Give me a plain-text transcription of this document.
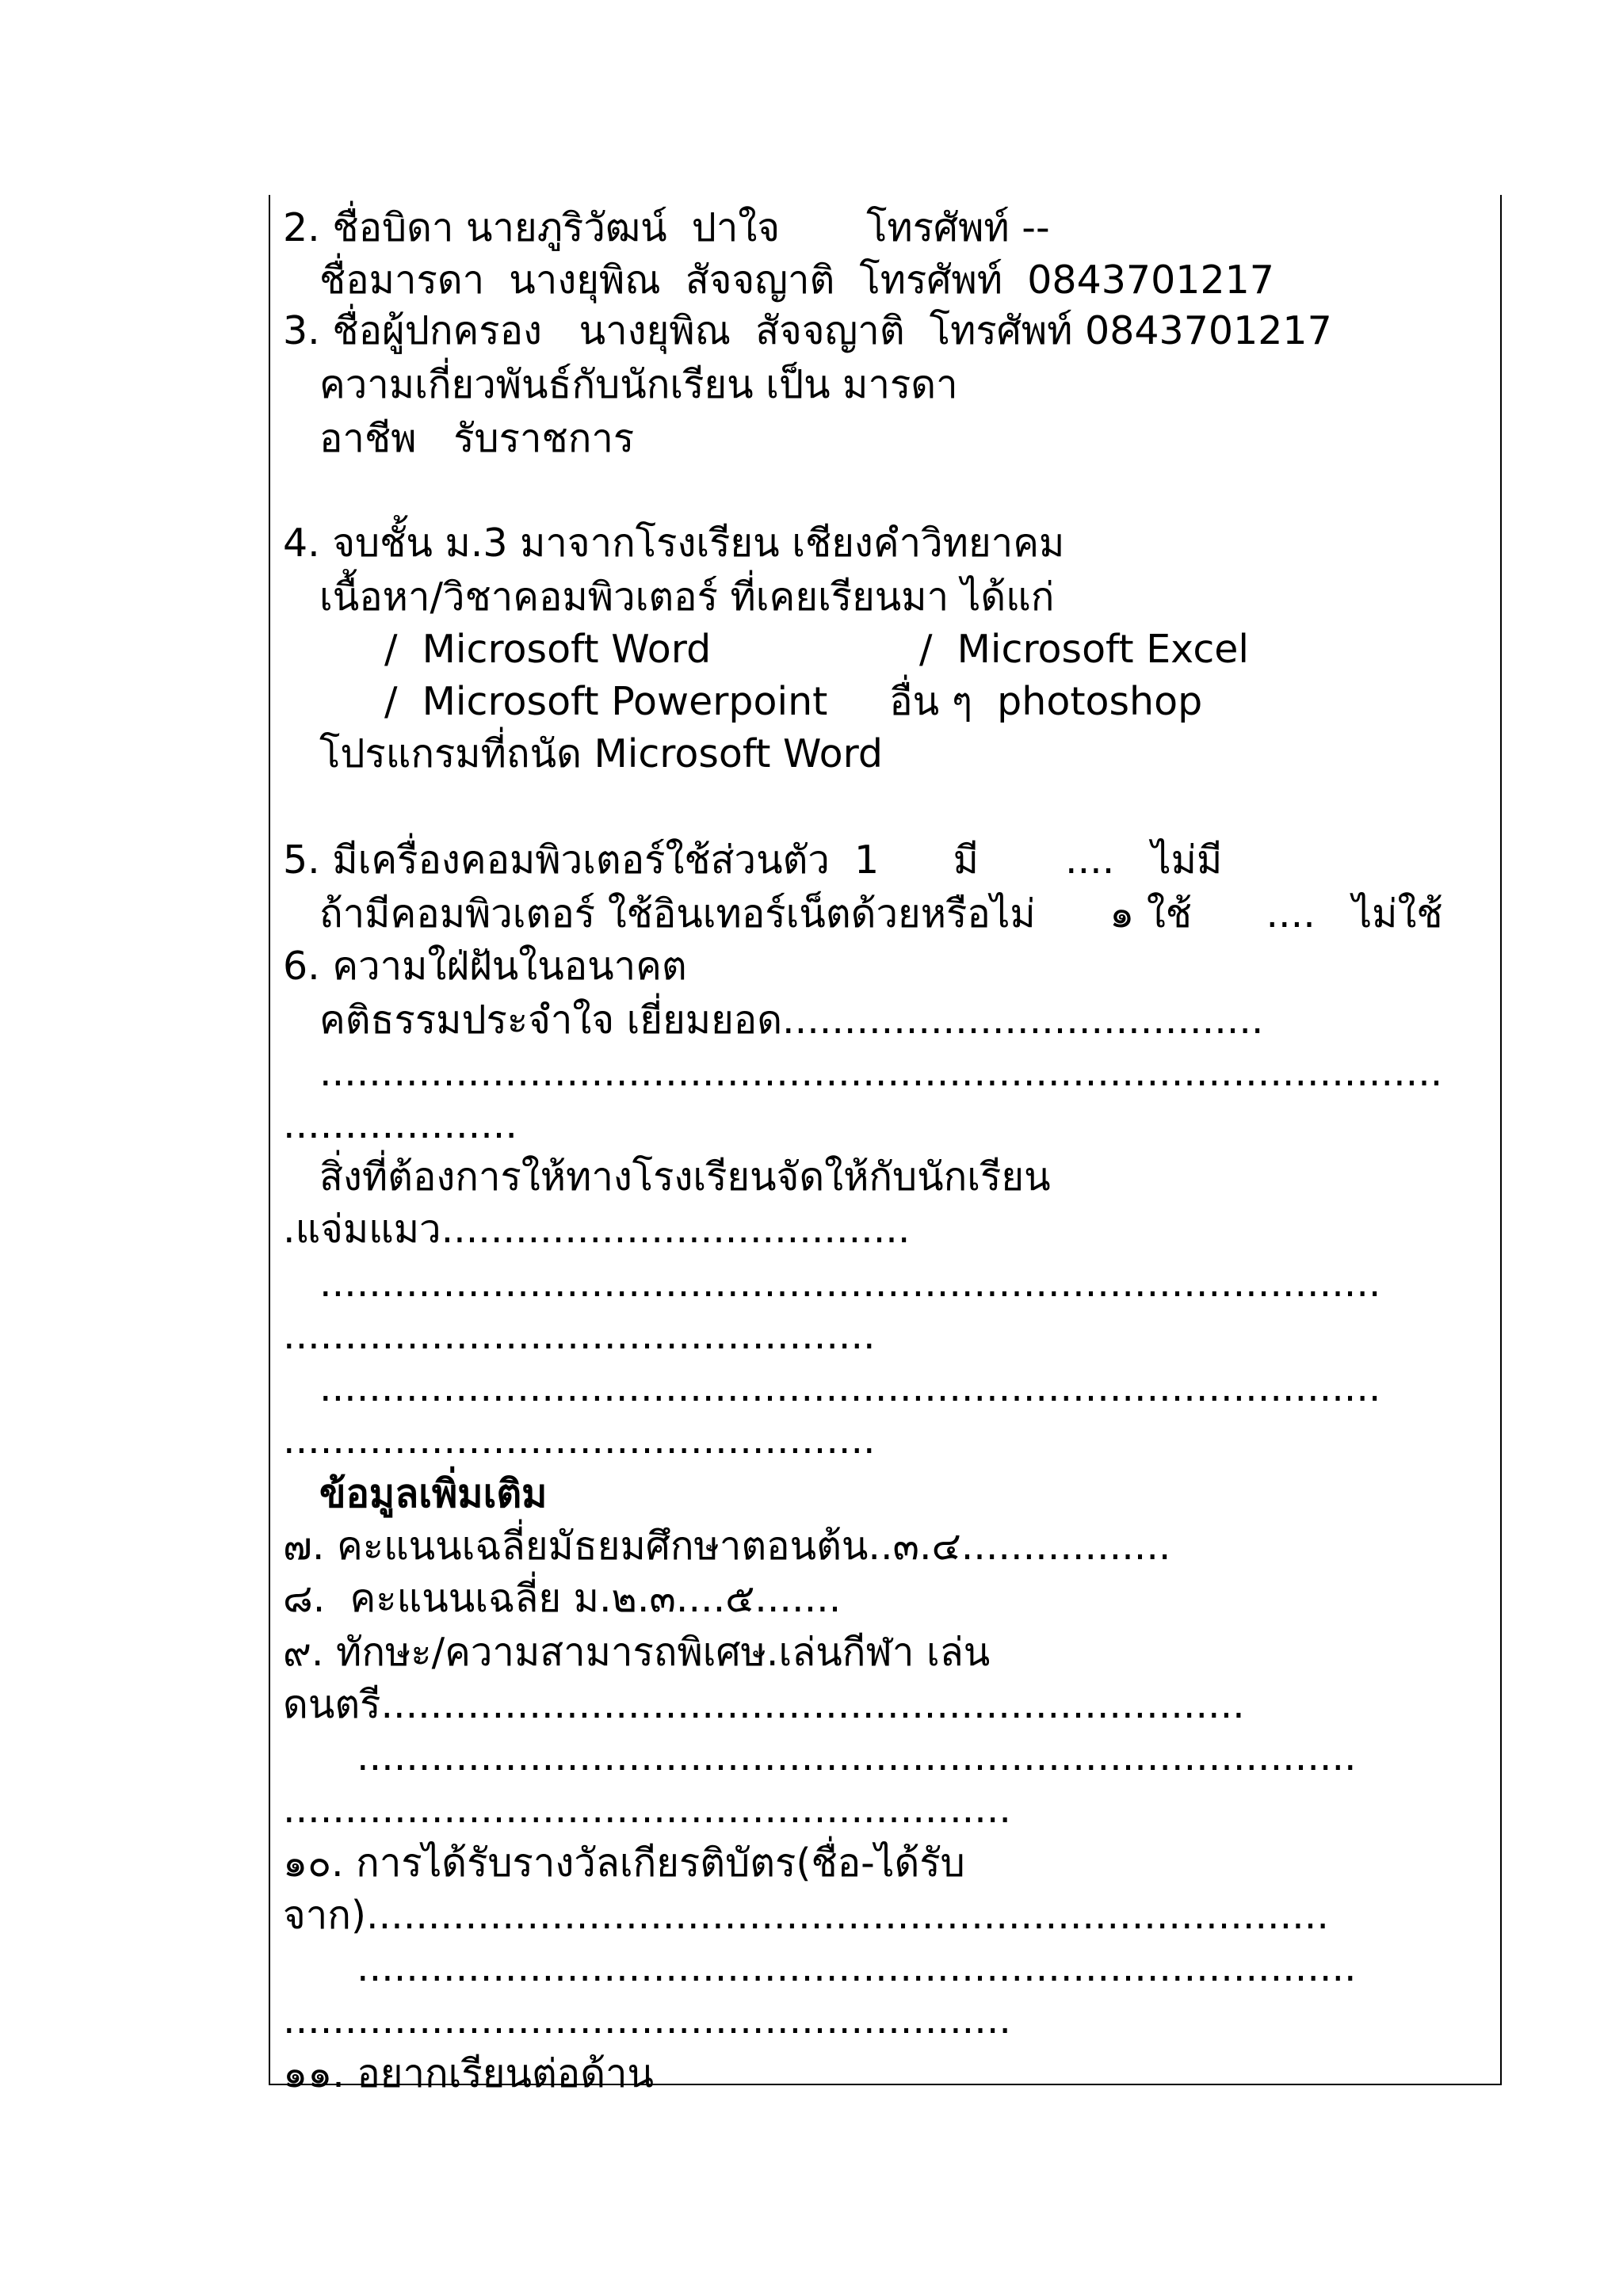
2. ชื่อบิดา นายภูริวัฒน์  ปาใจ       โทรศัพท์ --
ชื่อมารดา  นางยุพิณ  สัจจญาติ  โทรศัพท์  0843701217
3. ชื่อผู้ปกครอง   นางยุพิณ  สัจจญาติ  โทรศัพท์ 0843701217
ความเกี่ยวพันธ์กับนักเรียน เป็น มารดา
อาชีพ   รับราชการ
4. จบชั้น ม.3 มาจากโรงเรียน เชียงคำวิทยาคม
เนื้อหา/วิชาคอมพิวเตอร์ ที่เคยเรียนมา ได้แก่
/  Microsoft Word	/  Microsoft Excel
/  Microsoft Powerpoint     อื่น ๆ  photoshop
โปรแกรมที่ถนัด Microsoft Word
5. มีเครื่องคอมพิวเตอร์ใช้ส่วนตัว  1      มี       ....   ไม่มี
ถ้ามีคอมพิวเตอร์ ใช้อินเทอร์เน็ตด้วยหรือไม่      ๑ ใช้      ....   ไม่ใช้
6. ความใฝ่ฝันในอนาคต
คติธรรมประจำใจ เยี่ยมยอด.......................................
...........................................................................................
...................
สิ่งที่ต้องการให้ทางโรงเรียนจัดให้กับนักเรียน
.แจ่มแมว......................................
......................................................................................
................................................
......................................................................................
................................................
ข้อมูลเพิ่มเติม
๗. คะแนนเฉลี่ยมัธยมศึกษาตอนต้น..๓.๔.................
๘.  คะแนนเฉลี่ย ม.๒.๓....๕.......
๙. ทักษะ/ความสามารถพิเศษ.เล่นกีฬา เล่น
ดนตรี......................................................................
.................................................................................
...........................................................
๑๐. การได้รับรางวัลเกียรติบัตร(ชื่อ-ได้รับ
จาก)..............................................................................
.................................................................................
...........................................................
๑๑. อยากเรียนต่อด้าน
